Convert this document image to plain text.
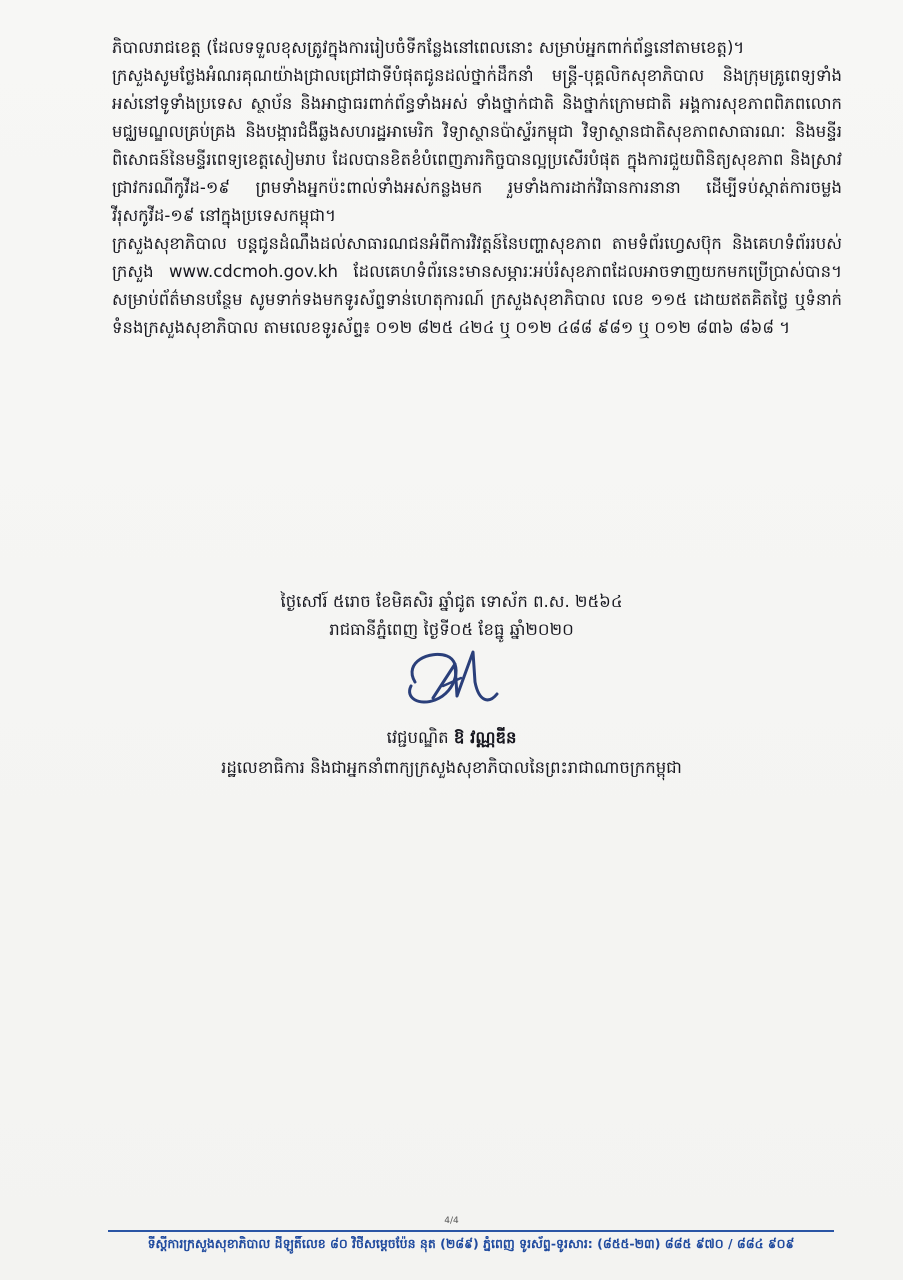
ភិបាលរាជខេត្ត (ដែលទទួលខុសត្រូវក្នុងការរៀបចំទីកន្លែងនៅពេលនោះ សម្រាប់អ្នកពាក់ព័ន្ធនៅតាមខេត្ត)។

ក្រសួងសូមថ្លែងអំណរគុណយ៉ាងជ្រាលជ្រៅជាទីបំផុតជូនដល់ថ្នាក់ដឹកនាំ មន្ត្រី-បុគ្គលិកសុខាភិបាល និងក្រុមគ្រូពេទ្យទាំងអស់នៅទូទាំងប្រទេស ស្ថាប័ន និងអាជ្ញាធរពាក់ព័ន្ធទាំងអស់ ទាំងថ្នាក់ជាតិ និងថ្នាក់ក្រោមជាតិ អង្គការសុខភាពពិភពលោក មជ្ឈមណ្ឌលគ្រប់គ្រង និងបង្ការជំងឺឆ្លងសហរដ្ឋអាមេរិក វិទ្យាស្ថានប៉ាស្ទ័រកម្ពុជា វិទ្យាស្ថានជាតិសុខភាពសាធារណៈ និងមន្ទីរពិសោធន៍នៃមន្ទីរពេទ្យខេត្តសៀមរាប ដែលបានខិតខំបំពេញភារកិច្ចបានល្អប្រសើរបំផុត ក្នុងការជួយពិនិត្យសុខភាព និងស្រាវជ្រាវករណីកូវីដ-១៩ ព្រមទាំងអ្នកប៉ះពាល់ទាំងអស់កន្លងមក រួមទាំងការដាក់វិធានការនានា ដើម្បីទប់ស្កាត់ការចម្លងវីរុសកូវីដ-១៩ នៅក្នុងប្រទេសកម្ពុជា។

ក្រសួងសុខាភិបាល បន្តជូនដំណឹងដល់សាធារណជនអំពីការវិវត្តន៍នៃបញ្ហាសុខភាព តាមទំព័រហ្វេសប៊ុក និងគេហទំព័ររបស់ក្រសួង www.cdcmoh.gov.kh ដែលគេហទំព័រនេះមានសម្ភារៈអប់រំសុខភាពដែលអាចទាញយកមកប្រើប្រាស់បាន។ សម្រាប់ព័ត៌មានបន្ថែម សូមទាក់ទងមកទូរស័ព្ទទាន់ហេតុការណ៍ ក្រសួងសុខាភិបាល លេខ ១១៥ ដោយឥតគិតថ្លៃ ឬទំនាក់ទំនងក្រសួងសុខាភិបាល តាមលេខទូរស័ព្ទ៖ ០១២ ៨២៥ ៤២៤ ឬ ០១២ ៤៨៨ ៩៨១ ឬ ០១២ ៨៣៦ ៨៦៨ ។

ថ្ងៃសៅរ៍ ៥រោច ខែមិគសិរ ឆ្នាំជូត ទោស័ក ព.ស. ២៥៦៤
រាជធានីភ្នំពេញ ថ្ងៃទី០៥ ខែធ្នូ ឆ្នាំ២០២០
វេជ្ជបណ្ឌិត ឱ វណ្ណឌីន
រដ្ឋលេខាធិការ និងជាអ្នកនាំពាក្យក្រសួងសុខាភិបាលនៃព្រះរាជាណាចក្រកម្ពុជា
4/4
ទីស្តីការក្រសួងសុខាភិបាល ដីឡូតិ៍លេខ ៨០ វិថីសម្តេចប៉ែន នុត (២៨៩) ភ្នំពេញ ទូរស័ព្ទ-ទូរសារ: (៨៥៥-២៣) ៨៨៥ ៩៧០ / ៨៨៤ ៩០៩
